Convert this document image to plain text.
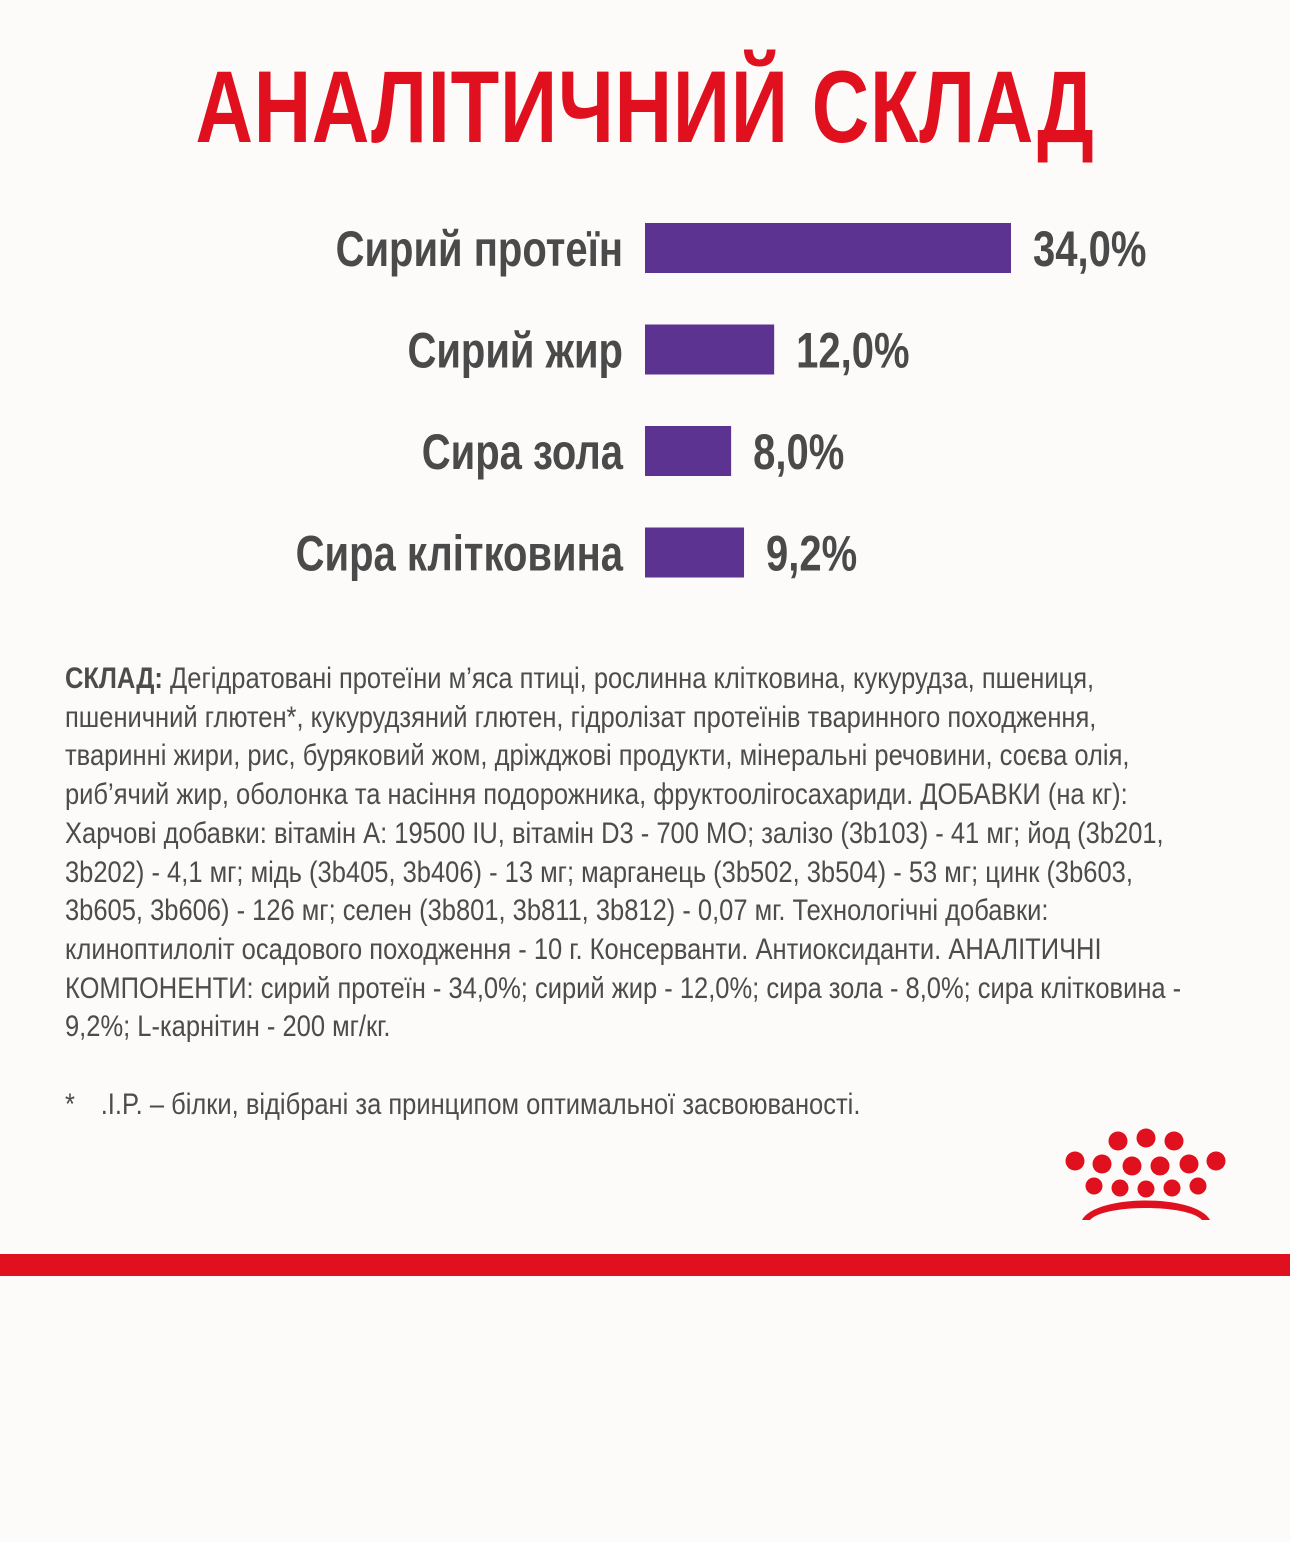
АНАЛІТИЧНИЙ СКЛАД
Сирий протеїн	34,0%
Сирий жир	12,0%
Сира зола	8,0%
Сира клітковина	9,2%

СКЛАД: Дегідратовані протеїни м’яса птиці, рослинна клітковина, кукурудза, пшениця, пшеничний глютен*, кукурудзяний глютен, гідролізат протеїнів тваринного походження, тваринні жири, рис, буряковий жом, дріжджові продукти, мінеральні речовини, соєва олія, риб’ячий жир, оболонка та насіння подорожника, фруктоолігосахариди. ДОБАВКИ (на кг): Харчові добавки: вітамін А: 19500 IU, вітамін D3 - 700 МО; залізо (3b103) - 41 мг; йод (3b201, 3b202) - 4,1 мг; мідь (3b405, 3b406) - 13 мг; марганець (3b502, 3b504) - 53 мг; цинк (3b603, 3b605, 3b606) - 126 мг; селен (3b801, 3b811, 3b812) - 0,07 мг. Технологічні добавки: клиноптилоліт осадового походження - 10 г. Консерванти. Антиоксиданти. АНАЛІТИЧНІ КОМПОНЕНТИ: сирий протеїн - 34,0%; сирий жир - 12,0%; сира зола - 8,0%; сира клітковина - 9,2%; L-карнітин - 200 мг/кг.

* .I.P. – білки, відібрані за принципом оптимальної засвоюваності.
